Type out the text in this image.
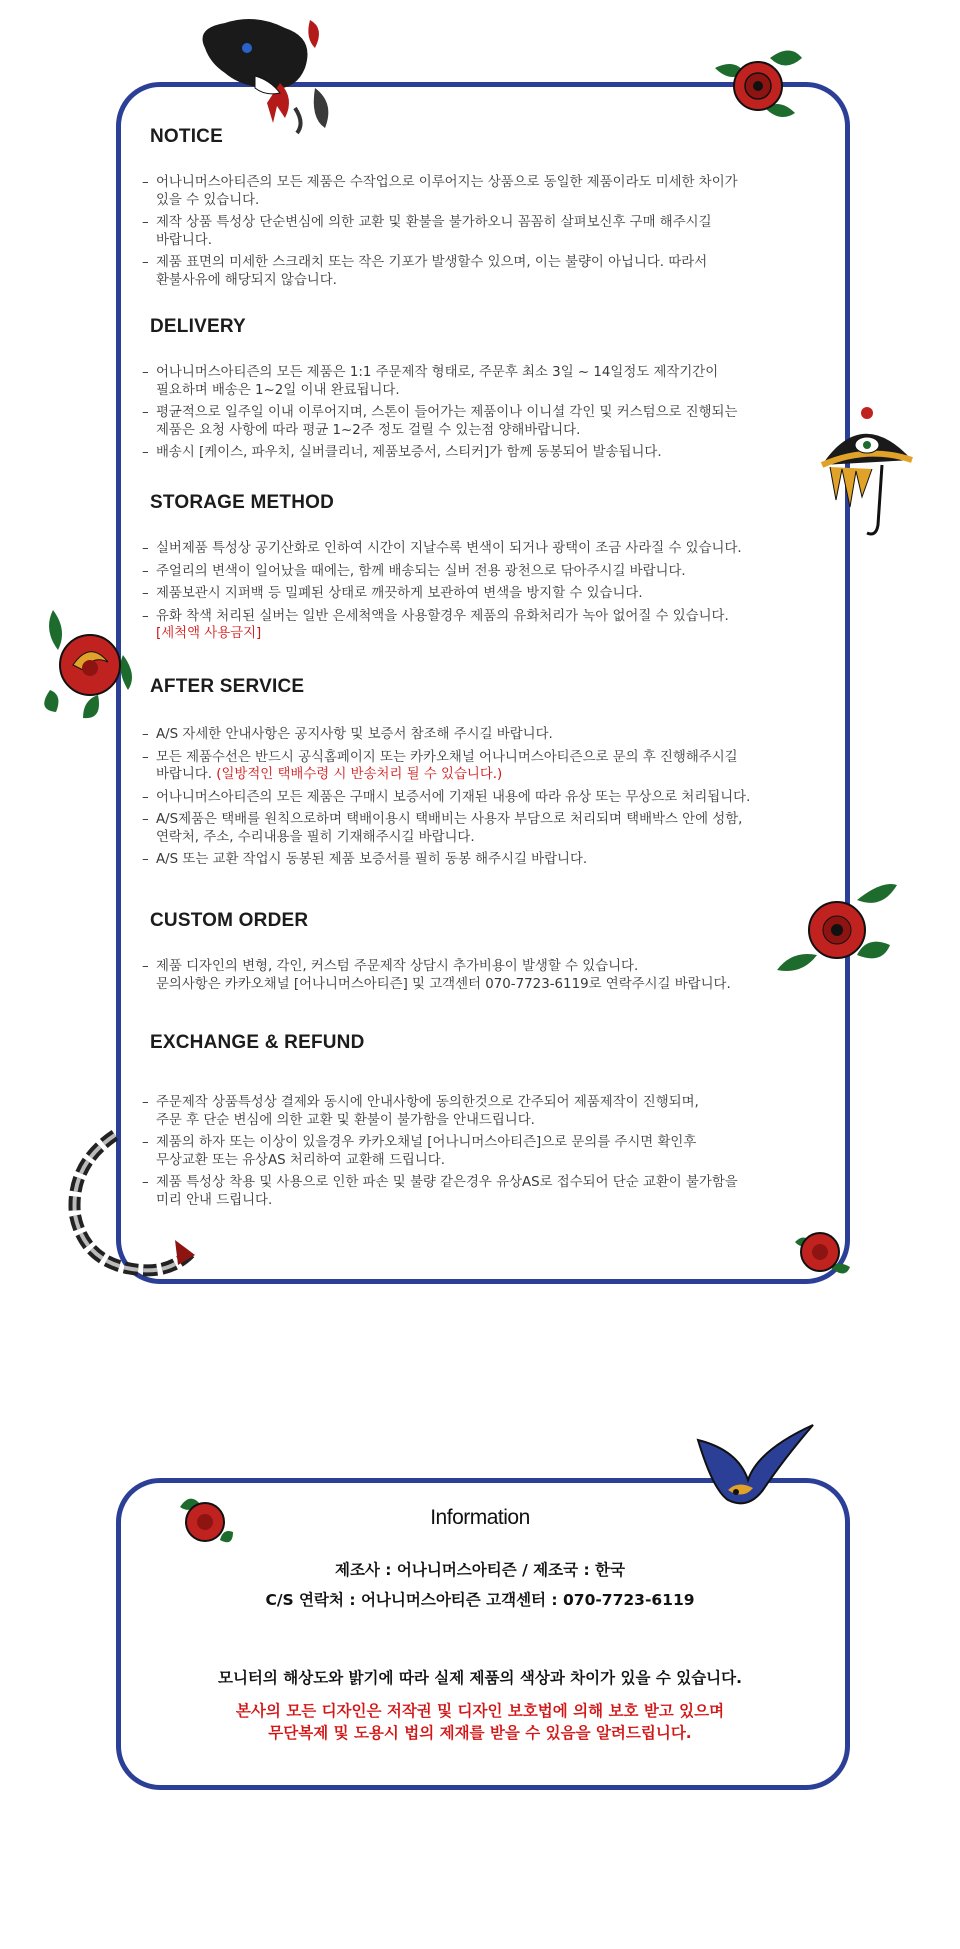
NOTICE
– 어나니머스아티즌의 모든 제품은 수작업으로 이루어지는 상품으로 동일한 제품이라도 미세한 차이가
있을 수 있습니다.
– 제작 상품 특성상 단순변심에 의한 교환 및 환불을 불가하오니 꼼꼼히 살펴보신후 구매 해주시길
바랍니다.
– 제품 표면의 미세한 스크래치 또는 작은 기포가 발생할수 있으며, 이는 불량이 아닙니다. 따라서
환불사유에 해당되지 않습니다.
DELIVERY
– 어나니머스아티즌의 모든 제품은 1:1 주문제작 형태로, 주문후 최소 3일 ~ 14일정도 제작기간이
필요하며 배송은 1~2일 이내 완료됩니다.
– 평균적으로 일주일 이내 이루어지며, 스톤이 들어가는 제품이나 이니셜 각인 및 커스텀으로 진행되는
제품은 요청 사항에 따라 평균 1~2주 정도 걸릴 수 있는점 양해바랍니다.
– 배송시 [케이스, 파우치, 실버클리너, 제품보증서, 스티커]가 함께 동봉되어 발송됩니다.
STORAGE METHOD
– 실버제품 특성상 공기산화로 인하여 시간이 지날수록 변색이 되거나 광택이 조금 사라질 수 있습니다.
– 주얼리의 변색이 일어났을 때에는, 함께 배송되는 실버 전용 광천으로 닦아주시길 바랍니다.
– 제품보관시 지퍼백 등 밀폐된 상태로 깨끗하게 보관하여 변색을 방지할 수 있습니다.
– 유화 착색 처리된 실버는 일반 은세척액을 사용할경우 제품의 유화처리가 녹아 없어질 수 있습니다.
[세척액 사용금지]
AFTER SERVICE
– A/S 자세한 안내사항은 공지사항 및 보증서 참조해 주시길 바랍니다.
– 모든 제품수선은 반드시 공식홈페이지 또는 카카오채널 어나니머스아티즌으로 문의 후 진행해주시길
바랍니다. (일방적인 택배수령 시 반송처리 될 수 있습니다.)
– 어나니머스아티즌의 모든 제품은 구매시 보증서에 기재된 내용에 따라 유상 또는 무상으로 처리됩니다.
– A/S제품은 택배를 원칙으로하며 택배이용시 택배비는 사용자 부담으로 처리되며 택배박스 안에 성함,
연락처, 주소, 수리내용을 필히 기재해주시길 바랍니다.
– A/S 또는 교환 작업시 동봉된 제품 보증서를 필히 동봉 해주시길 바랍니다.
CUSTOM ORDER
– 제품 디자인의 변형, 각인, 커스텀 주문제작 상담시 추가비용이 발생할 수 있습니다.
문의사항은 카카오채널 [어나니머스아티즌] 및 고객센터 070-7723-6119로 연락주시길 바랍니다.
EXCHANGE & REFUND
– 주문제작 상품특성상 결제와 동시에 안내사항에 동의한것으로 간주되어 제품제작이 진행되며,
주문 후 단순 변심에 의한 교환 및 환불이 불가함을 안내드립니다.
– 제품의 하자 또는 이상이 있을경우 카카오채널 [어나니머스아티즌]으로 문의를 주시면 확인후
무상교환 또는 유상AS 처리하여 교환해 드립니다.
– 제품 특성상 착용 및 사용으로 인한 파손 및 불량 같은경우 유상AS로 접수되어 단순 교환이 불가함을
미리 안내 드립니다.
Information
제조사 : 어나니머스아티즌 / 제조국 : 한국
C/S 연락처 : 어나니머스아티즌 고객센터 : 070-7723-6119
모니터의 해상도와 밝기에 따라 실제 제품의 색상과 차이가 있을 수 있습니다.
본사의 모든 디자인은 저작권 및 디자인 보호법에 의해 보호 받고 있으며
무단복제 및 도용시 법의 제재를 받을 수 있음을 알려드립니다.
